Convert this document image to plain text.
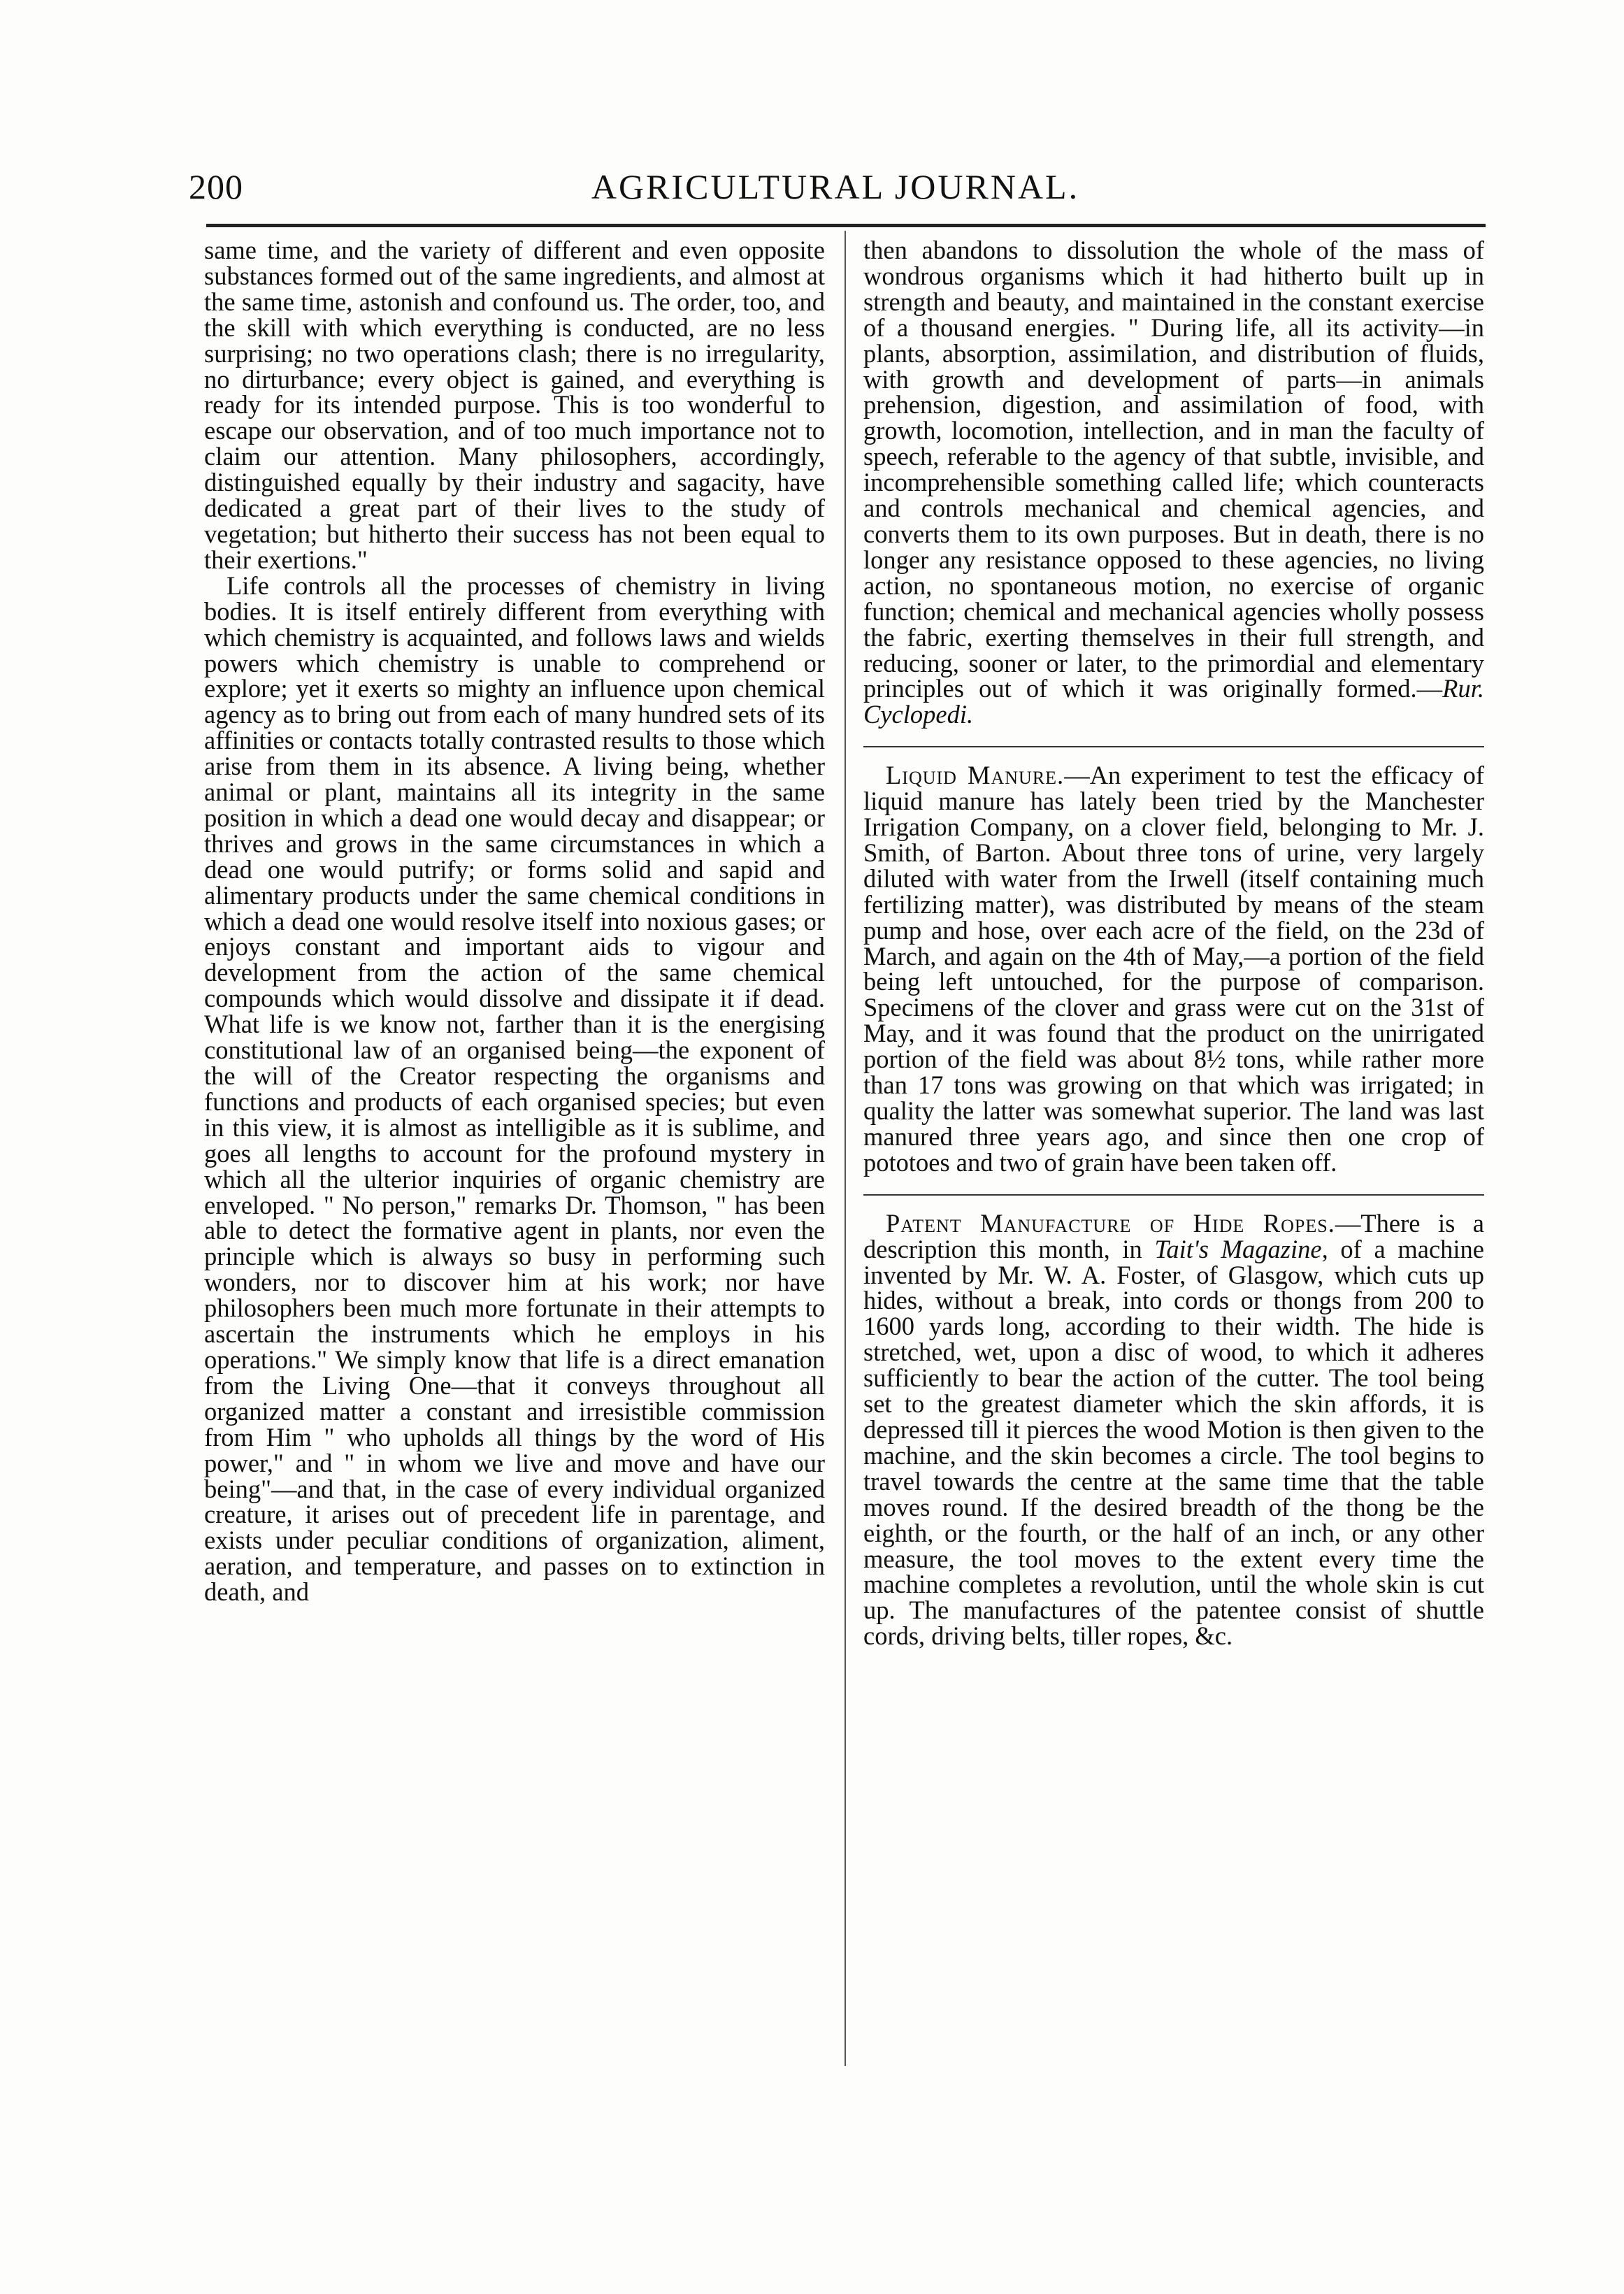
200	AGRICULTURAL JOURNAL.

same time, and the variety of different and even opposite substances formed out of the same ingredients, and almost at the same time, astonish and confound us. The order, too, and the skill with which everything is conducted, are no less surprising; no two operations clash; there is no irregularity, no dirturbance; every object is gained, and everything is ready for its intended purpose. This is too wonderful to escape our observation, and of too much importance not to claim our attention. Many philosophers, accordingly, distinguished equally by their industry and sagacity, have dedicated a great part of their lives to the study of vegetation; but hitherto their success has not been equal to their exertions."

Life controls all the processes of chemistry in living bodies. It is itself entirely different from everything with which chemistry is acquainted, and follows laws and wields powers which chemistry is unable to comprehend or explore; yet it exerts so mighty an influence upon chemical agency as to bring out from each of many hundred sets of its affinities or contacts totally contrasted results to those which arise from them in its absence. A living being, whether animal or plant, maintains all its integrity in the same position in which a dead one would decay and disappear; or thrives and grows in the same circumstances in which a dead one would putrify; or forms solid and sapid and alimentary products under the same chemical conditions in which a dead one would resolve itself into noxious gases; or enjoys constant and important aids to vigour and development from the action of the same chemical compounds which would dissolve and dissipate it if dead. What life is we know not, farther than it is the energising constitutional law of an organised being—the exponent of the will of the Creator respecting the organisms and functions and products of each organised species; but even in this view, it is almost as intelligible as it is sublime, and goes all lengths to account for the profound mystery in which all the ulterior inquiries of organic chemistry are enveloped. " No person," remarks Dr. Thomson, " has been able to detect the formative agent in plants, nor even the principle which is always so busy in performing such wonders, nor to discover him at his work; nor have philosophers been much more fortunate in their attempts to ascertain the instruments which he employs in his operations." We simply know that life is a direct emanation from the Living One—that it conveys throughout all organized matter a constant and irresistible commission from Him " who upholds all things by the word of His power," and " in whom we live and move and have our being"—and that, in the case of every individual organized creature, it arises out of precedent life in parentage, and exists under peculiar conditions of organization, aliment, aeration, and temperature, and passes on to extinction in death, and

then abandons to dissolution the whole of the mass of wondrous organisms which it had hitherto built up in strength and beauty, and maintained in the constant exercise of a thousand energies. " During life, all its activity—in plants, absorption, assimilation, and distribution of fluids, with growth and development of parts—in animals prehension, digestion, and assimilation of food, with growth, locomotion, intellection, and in man the faculty of speech, referable to the agency of that subtle, invisible, and incomprehensible something called life; which counteracts and controls mechanical and chemical agencies, and converts them to its own purposes. But in death, there is no longer any resistance opposed to these agencies, no living action, no spontaneous motion, no exercise of organic function; chemical and mechanical agencies wholly possess the fabric, exerting themselves in their full strength, and reducing, sooner or later, to the primordial and elementary principles out of which it was originally formed.—Rur. Cyclopedi.

Liquid Manure.—An experiment to test the efficacy of liquid manure has lately been tried by the Manchester Irrigation Company, on a clover field, belonging to Mr. J. Smith, of Barton. About three tons of urine, very largely diluted with water from the Irwell (itself containing much fertilizing matter), was distributed by means of the steam pump and hose, over each acre of the field, on the 23d of March, and again on the 4th of May,—a portion of the field being left untouched, for the purpose of comparison. Specimens of the clover and grass were cut on the 31st of May, and it was found that the product on the unirrigated portion of the field was about 8½ tons, while rather more than 17 tons was growing on that which was irrigated; in quality the latter was somewhat superior. The land was last manured three years ago, and since then one crop of pototoes and two of grain have been taken off.

Patent Manufacture of Hide Ropes.—There is a description this month, in Tait's Magazine, of a machine invented by Mr. W. A. Foster, of Glasgow, which cuts up hides, without a break, into cords or thongs from 200 to 1600 yards long, according to their width. The hide is stretched, wet, upon a disc of wood, to which it adheres sufficiently to bear the action of the cutter. The tool being set to the greatest diameter which the skin affords, it is depressed till it pierces the wood Motion is then given to the machine, and the skin becomes a circle. The tool begins to travel towards the centre at the same time that the table moves round. If the desired breadth of the thong be the eighth, or the fourth, or the half of an inch, or any other measure, the tool moves to the extent every time the machine completes a revolution, until the whole skin is cut up. The manufactures of the patentee consist of shuttle cords, driving belts, tiller ropes, &c.
